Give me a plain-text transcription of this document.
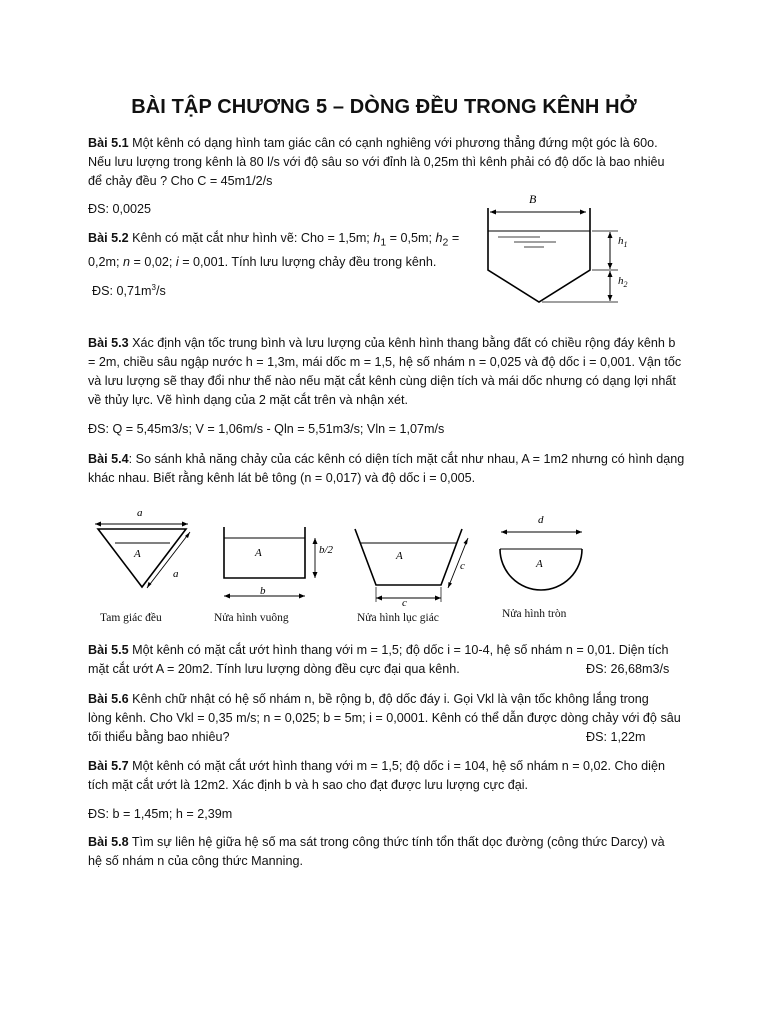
BÀI TẬP CHƯƠNG 5 – DÒNG ĐỀU TRONG KÊNH HỞ
Bài 5.1 Một kênh có dạng hình tam giác cân có cạnh nghiêng với phương thẳng đứng một góc là 60o.
Nếu lưu lượng trong kênh là 80 l/s với độ sâu so với đỉnh là 0,25m thì kênh phải có độ dốc là bao nhiêu
để chảy đều ? Cho C = 45m1/2/s
ĐS: 0,0025
Bài 5.2 Kênh có mặt cắt như hình vẽ: Cho = 1,5m; $h_1 = 0,5m$; $h_2$ =
0,2m; n = 0,02; i = 0,001. Tính lưu lượng chảy đều trong kênh.
ĐS: $0,71m^3/s$
B
$h_1$
$h_2$
Bài 5.3 Xác định vận tốc trung bình và lưu lượng của kênh hình thang bằng đất có chiều rộng đáy kênh b
= 2m, chiều sâu ngập nước h = 1,3m, mái dốc m = 1,5, hệ số nhám n = 0,025 và độ dốc i = 0,001. Vận tốc
và lưu lượng sẽ thay đổi như thế nào nếu mặt cắt kênh cùng diện tích và mái dốc nhưng có dạng lợi nhất
về thủy lực. Vẽ hình dạng của 2 mặt cắt trên và nhận xét.
ĐS: Q = 5,45m3/s; V = 1,06m/s - Qln = 5,51m3/s; Vln = 1,07m/s
Bài 5.4: So sánh khả năng chảy của các kênh có diện tích mặt cắt như nhau, A = 1m2 nhưng có hình dạng
khác nhau. Biết rằng kênh lát bê tông (n = 0,017) và độ dốc i = 0,005.
a
A
a
A	b/2
b
A
c
c
d
A
Tam giác đều	Nửa hình vuông	Nửa hình lục giác	Nửa hình tròn
Bài 5.5 Một kênh có mặt cắt ướt hình thang với m = 1,5; độ dốc i = 10-4, hệ số nhám n = 0,01. Diện tích
mặt cắt ướt A = 20m2. Tính lưu lượng dòng đều cực đại qua kênh.	ĐS: 26,68m3/s
Bài 5.6 Kênh chữ nhật có hệ số nhám n, bề rộng b, độ dốc đáy i. Gọi Vkl là vận tốc không lắng trong
lòng kênh. Cho Vkl = 0,35 m/s; n = 0,025; b = 5m; i = 0,0001. Kênh có thể dẫn được dòng chảy với độ sâu
tối thiểu bằng bao nhiêu?	ĐS: 1,22m
Bài 5.7 Một kênh có mặt cắt ướt hình thang với m = 1,5; độ dốc i = 104, hệ số nhám n = 0,02. Cho diện
tích mặt cắt ướt là 12m2. Xác định b và h sao cho đạt được lưu lượng cực đại.
ĐS: b = 1,45m; h = 2,39m
Bài 5.8 Tìm sự liên hệ giữa hệ số ma sát trong công thức tính tổn thất dọc đường (công thức Darcy) và
hệ số nhám n của công thức Manning.
